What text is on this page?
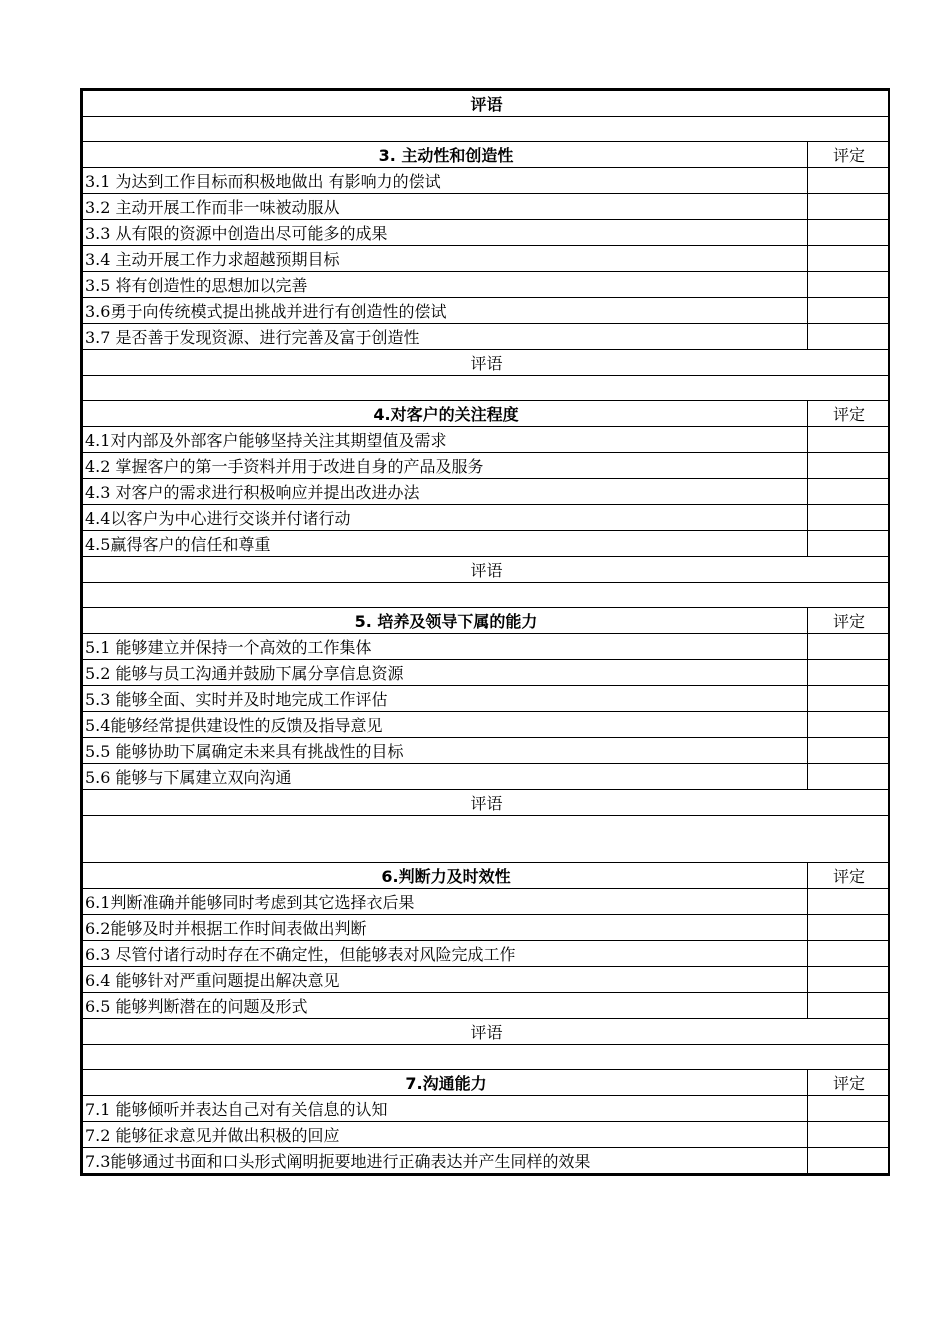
评语	

3. 主动性和创造性	评定
3.1 为达到工作目标而积极地做出 有影响力的偿试	
3.2 主动开展工作而非一味被动服从	
3.3 从有限的资源中创造出尽可能多的成果	
3.4 主动开展工作力求超越预期目标	
3.5 将有创造性的思想加以完善	
3.6勇于向传统模式提出挑战并进行有创造性的偿试	
3.7 是否善于发现资源、进行完善及富于创造性	
评语	

4.对客户的关注程度	评定
4.1对内部及外部客户能够坚持关注其期望值及需求	
4.2 掌握客户的第一手资料并用于改进自身的产品及服务	
4.3 对客户的需求进行积极响应并提出改进办法	
4.4以客户为中心进行交谈并付诸行动	
4.5赢得客户的信任和尊重	
评语	

5. 培养及领导下属的能力	评定
5.1 能够建立并保持一个高效的工作集体	
5.2 能够与员工沟通并鼓励下属分享信息资源	
5.3 能够全面、实时并及时地完成工作评估	
5.4能够经常提供建设性的反馈及指导意见	
5.5 能够协助下属确定未来具有挑战性的目标	
5.6 能够与下属建立双向沟通	
评语	

6.判断力及时效性	评定
6.1判断准确并能够同时考虑到其它选择衣后果	
6.2能够及时并根据工作时间表做出判断	
6.3 尽管付诸行动时存在不确定性，但能够表对风险完成工作	
6.4 能够针对严重问题提出解决意见	
6.5 能够判断潜在的问题及形式	
评语	

7.沟通能力	评定
7.1 能够倾听并表达自己对有关信息的认知	
7.2 能够征求意见并做出积极的回应	
7.3能够通过书面和口头形式阐明扼要地进行正确表达并产生同样的效果	
